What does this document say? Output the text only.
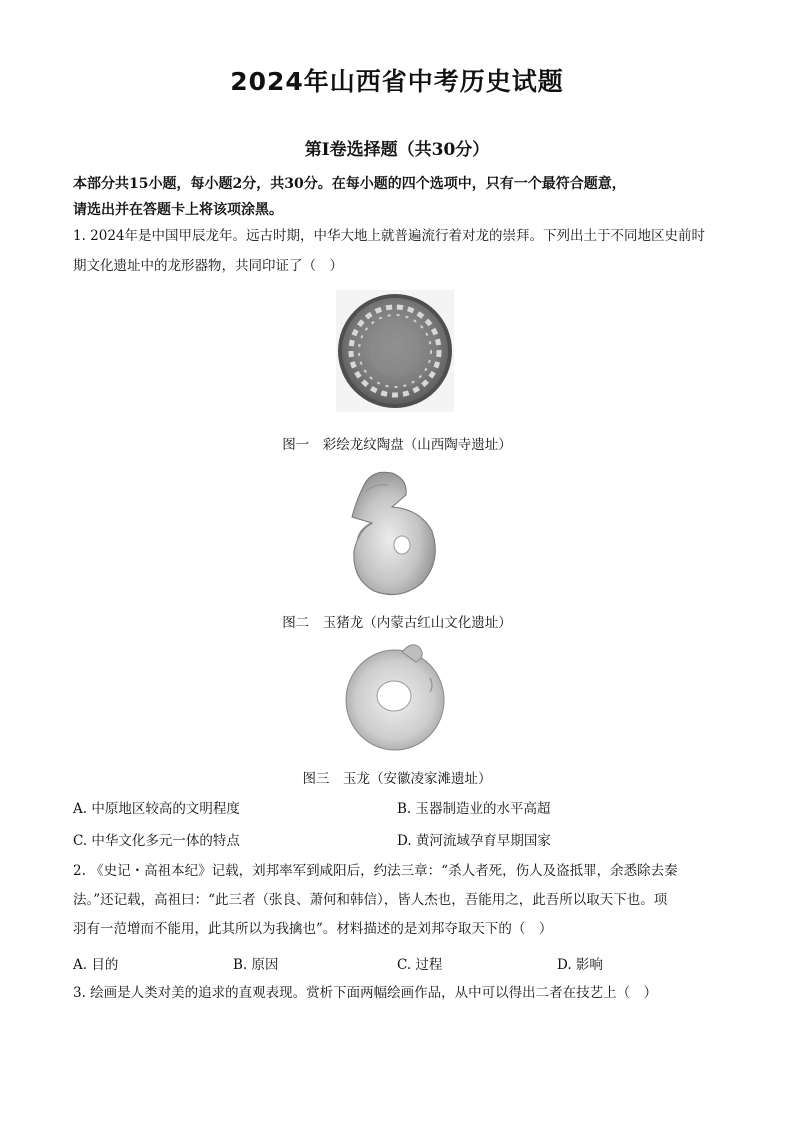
2024年山西省中考历史试题
第Ⅰ卷选择题（共30分）
本部分共15小题，每小题2分，共30分。在每小题的四个选项中，只有一个最符合题意，
请选出并在答题卡上将该项涂黑。
1. 2024年是中国甲辰龙年。远古时期，中华大地上就普遍流行着对龙的崇拜。下列出土于不同地区史前时
期文化遗址中的龙形器物，共同印证了（　）
图一　彩绘龙纹陶盘（山西陶寺遗址）
图二　玉猪龙（内蒙古红山文化遗址）
图三　玉龙（安徽凌家滩遗址）
A. 中原地区较高的文明程度	B. 玉器制造业的水平高超
C. 中华文化多元一体的特点	D. 黄河流域孕育早期国家
2. 《史记・高祖本纪》记载，刘邦率军到咸阳后，约法三章：“杀人者死，伤人及盗抵罪，余悉除去秦
法。”还记载，高祖曰：“此三者（张良、萧何和韩信），皆人杰也，吾能用之，此吾所以取天下也。项
羽有一范增而不能用，此其所以为我擒也”。材料描述的是刘邦夺取天下的（　）
A. 目的	B. 原因	C. 过程	D. 影响
3. 绘画是人类对美的追求的直观表现。赏析下面两幅绘画作品，从中可以得出二者在技艺上（　）
